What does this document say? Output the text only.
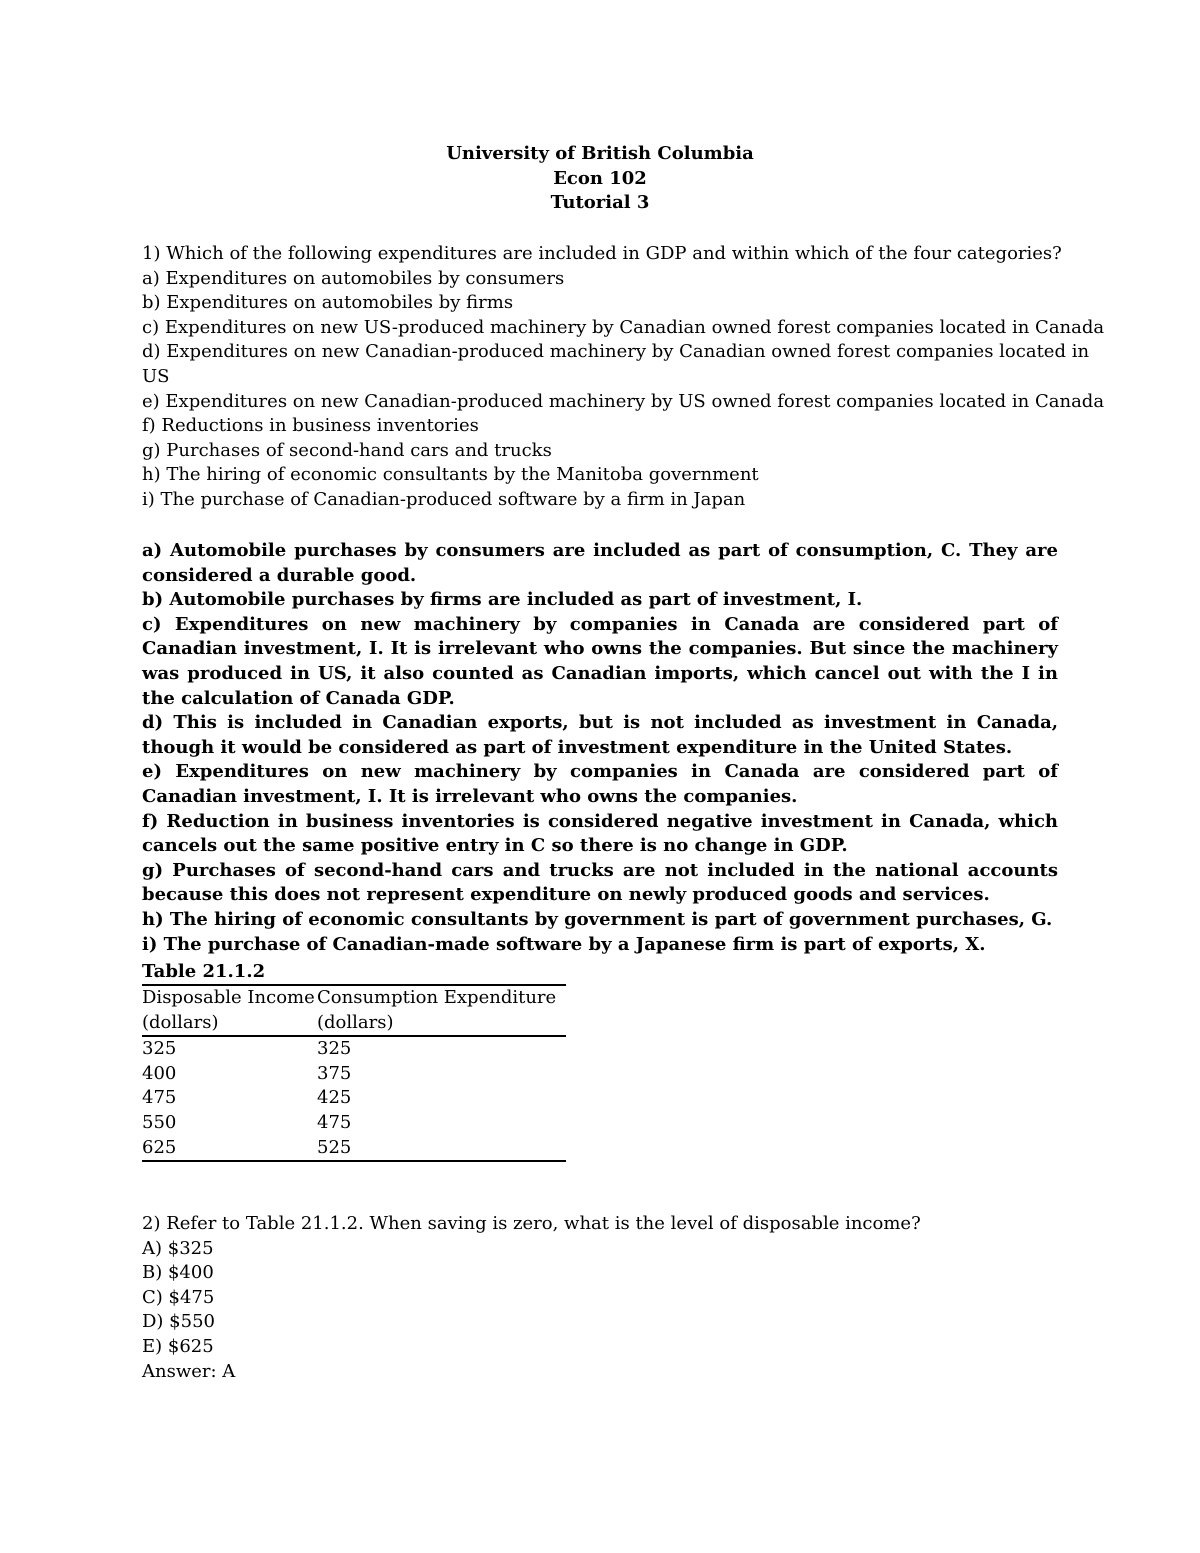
University of British Columbia
Econ 102
Tutorial 3
1) Which of the following expenditures are included in GDP and within which of the four categories?
a) Expenditures on automobiles by consumers
b) Expenditures on automobiles by firms
c) Expenditures on new US-produced machinery by Canadian owned forest companies located in Canada
d) Expenditures on new Canadian-produced machinery by Canadian owned forest companies located in
US
e) Expenditures on new Canadian-produced machinery by US owned forest companies located in Canada
f) Reductions in business inventories
g) Purchases of second-hand cars and trucks
h) The hiring of economic consultants by the Manitoba government
i) The purchase of Canadian-produced software by a firm in Japan
a) Automobile purchases by consumers are included as part of consumption, C. They are considered a durable good.
b) Automobile purchases by firms are included as part of investment, I.
c) Expenditures on new machinery by companies in Canada are considered part of Canadian investment, I. It is irrelevant who owns the companies. But since the machinery was produced in US, it also counted as Canadian imports, which cancel out with the I in the calculation of Canada GDP.
d) This is included in Canadian exports, but is not included as investment in Canada, though it would be considered as part of investment expenditure in the United States.
e) Expenditures on new machinery by companies in Canada are considered part of Canadian investment, I. It is irrelevant who owns the companies.
f) Reduction in business inventories is considered negative investment in Canada, which cancels out the same positive entry in C so there is no change in GDP.
g) Purchases of second-hand cars and trucks are not included in the national accounts because this does not represent expenditure on newly produced goods and services.
h) The hiring of economic consultants by government is part of government purchases, G.
i) The purchase of Canadian-made software by a Japanese firm is part of exports, X.
Table 21.1.2
Disposable Income	Consumption Expenditure
(dollars)	(dollars)
325	325
400	375
475	425
550	475
625	525
2) Refer to Table 21.1.2. When saving is zero, what is the level of disposable income?
A) $325
B) $400
C) $475
D) $550
E) $625
Answer: A
